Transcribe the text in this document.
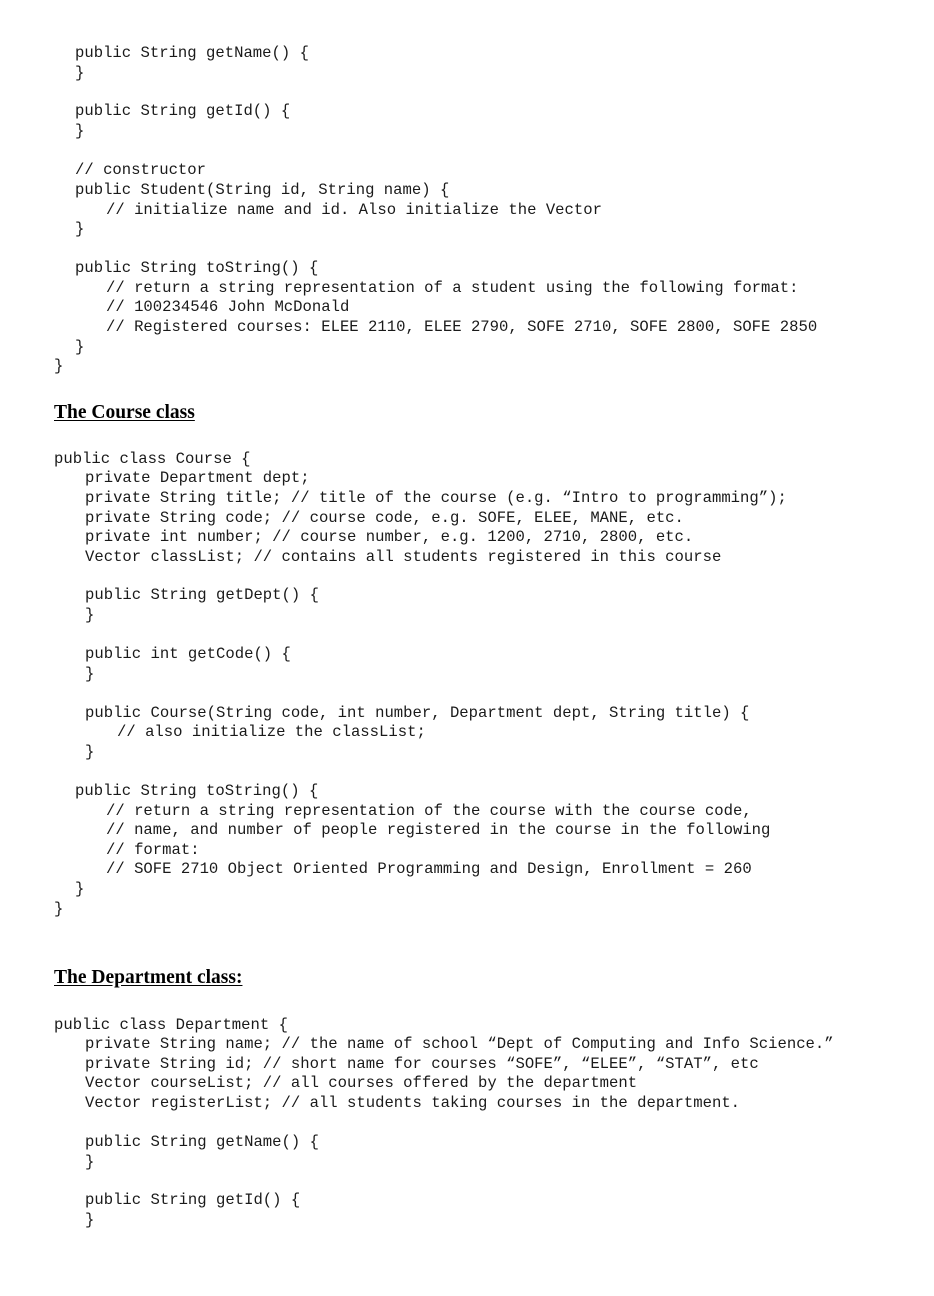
public String getName() {
}
public String getId() {
}
// constructor
public Student(String id, String name) {
// initialize name and id. Also initialize the Vector
}
public String toString() {
// return a string representation of a student using the following format:
// 100234546 John McDonald
// Registered courses: ELEE 2110, ELEE 2790, SOFE 2710, SOFE 2800, SOFE 2850
}
}
The Course class
public class Course {
private Department dept;
private String title; // title of the course (e.g. “Intro to programming”);
private String code; // course code, e.g. SOFE, ELEE, MANE, etc.
private int number; // course number, e.g. 1200, 2710, 2800, etc.
Vector classList; // contains all students registered in this course
public String getDept() {
}
public int getCode() {
}
public Course(String code, int number, Department dept, String title) {
// also initialize the classList;
}
public String toString() {
// return a string representation of the course with the course code,
// name, and number of people registered in the course in the following
// format:
// SOFE 2710 Object Oriented Programming and Design, Enrollment = 260
}
}
The Department class:
public class Department {
private String name; // the name of school “Dept of Computing and Info Science.”
private String id; // short name for courses “SOFE”, “ELEE”, “STAT”, etc
Vector courseList; // all courses offered by the department
Vector registerList; // all students taking courses in the department.
public String getName() {
}
public String getId() {
}
